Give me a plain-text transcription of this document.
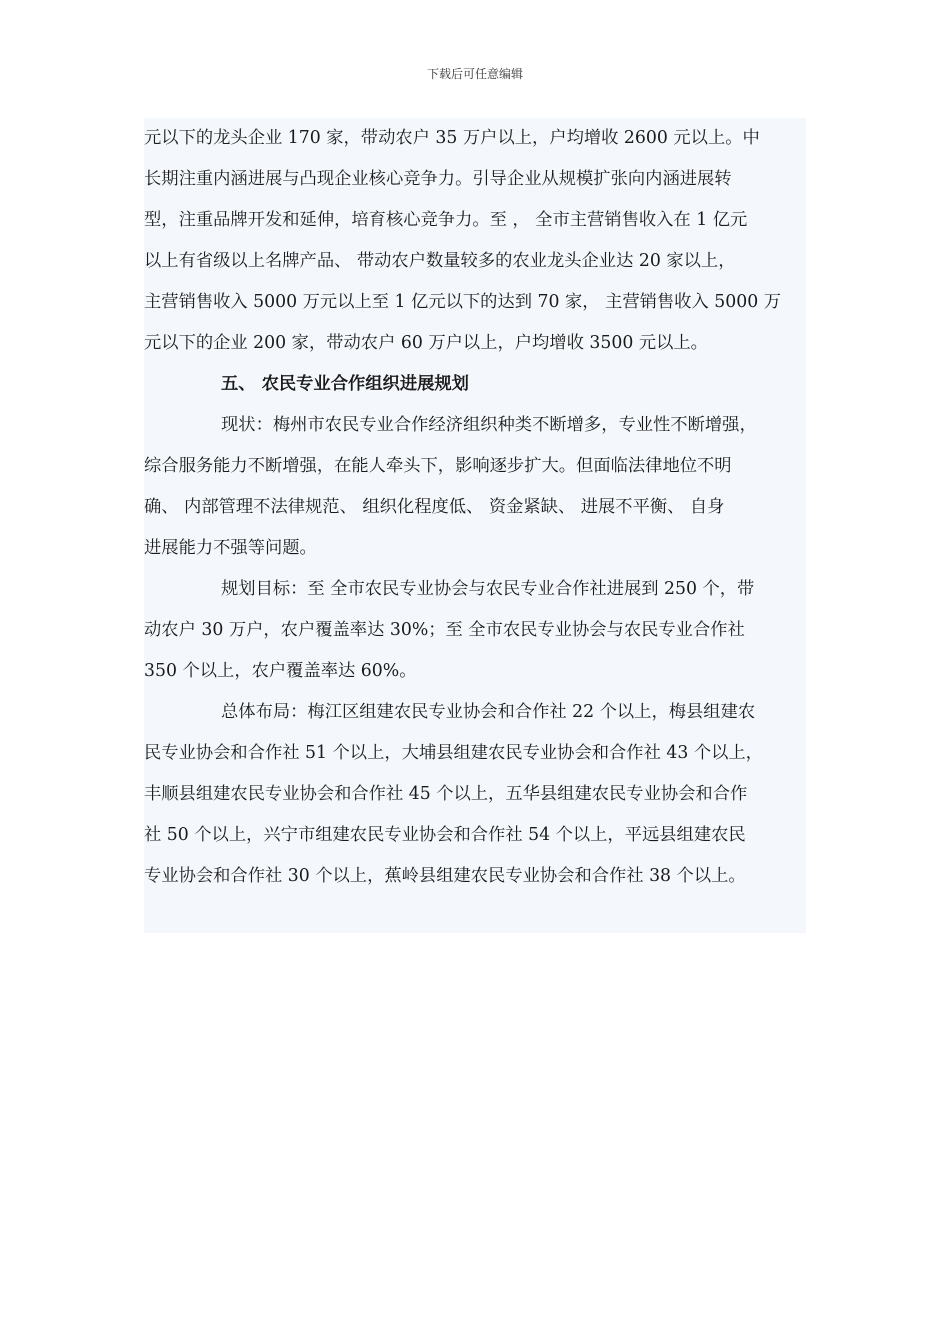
下载后可任意编辑
元以下的龙头企业 170 家，带动农户 35 万户以上，户均增收 2600 元以上。中
长期注重内涵进展与凸现企业核心竞争力。引导企业从规模扩张向内涵进展转
型，注重品牌开发和延伸，培育核心竞争力。至 ， 全市主营销售收入在 1 亿元
以上有省级以上名牌产品、 带动农户数量较多的农业龙头企业达 20 家以上，
主营销售收入 5000 万元以上至 1 亿元以下的达到 70 家， 主营销售收入 5000 万
元以下的企业 200 家，带动农户 60 万户以上，户均增收 3500 元以上。
五、 农民专业合作组织进展规划
现状：梅州市农民专业合作经济组织种类不断增多，专业性不断增强，
综合服务能力不断增强，在能人牵头下，影响逐步扩大。但面临法律地位不明
确、 内部管理不法律规范、 组织化程度低、 资金紧缺、 进展不平衡、 自身
进展能力不强等问题。
规划目标：至 全市农民专业协会与农民专业合作社进展到 250 个，带
动农户 30 万户，农户覆盖率达 30%；至 全市农民专业协会与农民专业合作社
350 个以上，农户覆盖率达 60%。
总体布局：梅江区组建农民专业协会和合作社 22 个以上，梅县组建农
民专业协会和合作社 51 个以上，大埔县组建农民专业协会和合作社 43 个以上，
丰顺县组建农民专业协会和合作社 45 个以上，五华县组建农民专业协会和合作
社 50 个以上，兴宁市组建农民专业协会和合作社 54 个以上，平远县组建农民
专业协会和合作社 30 个以上，蕉岭县组建农民专业协会和合作社 38 个以上。
